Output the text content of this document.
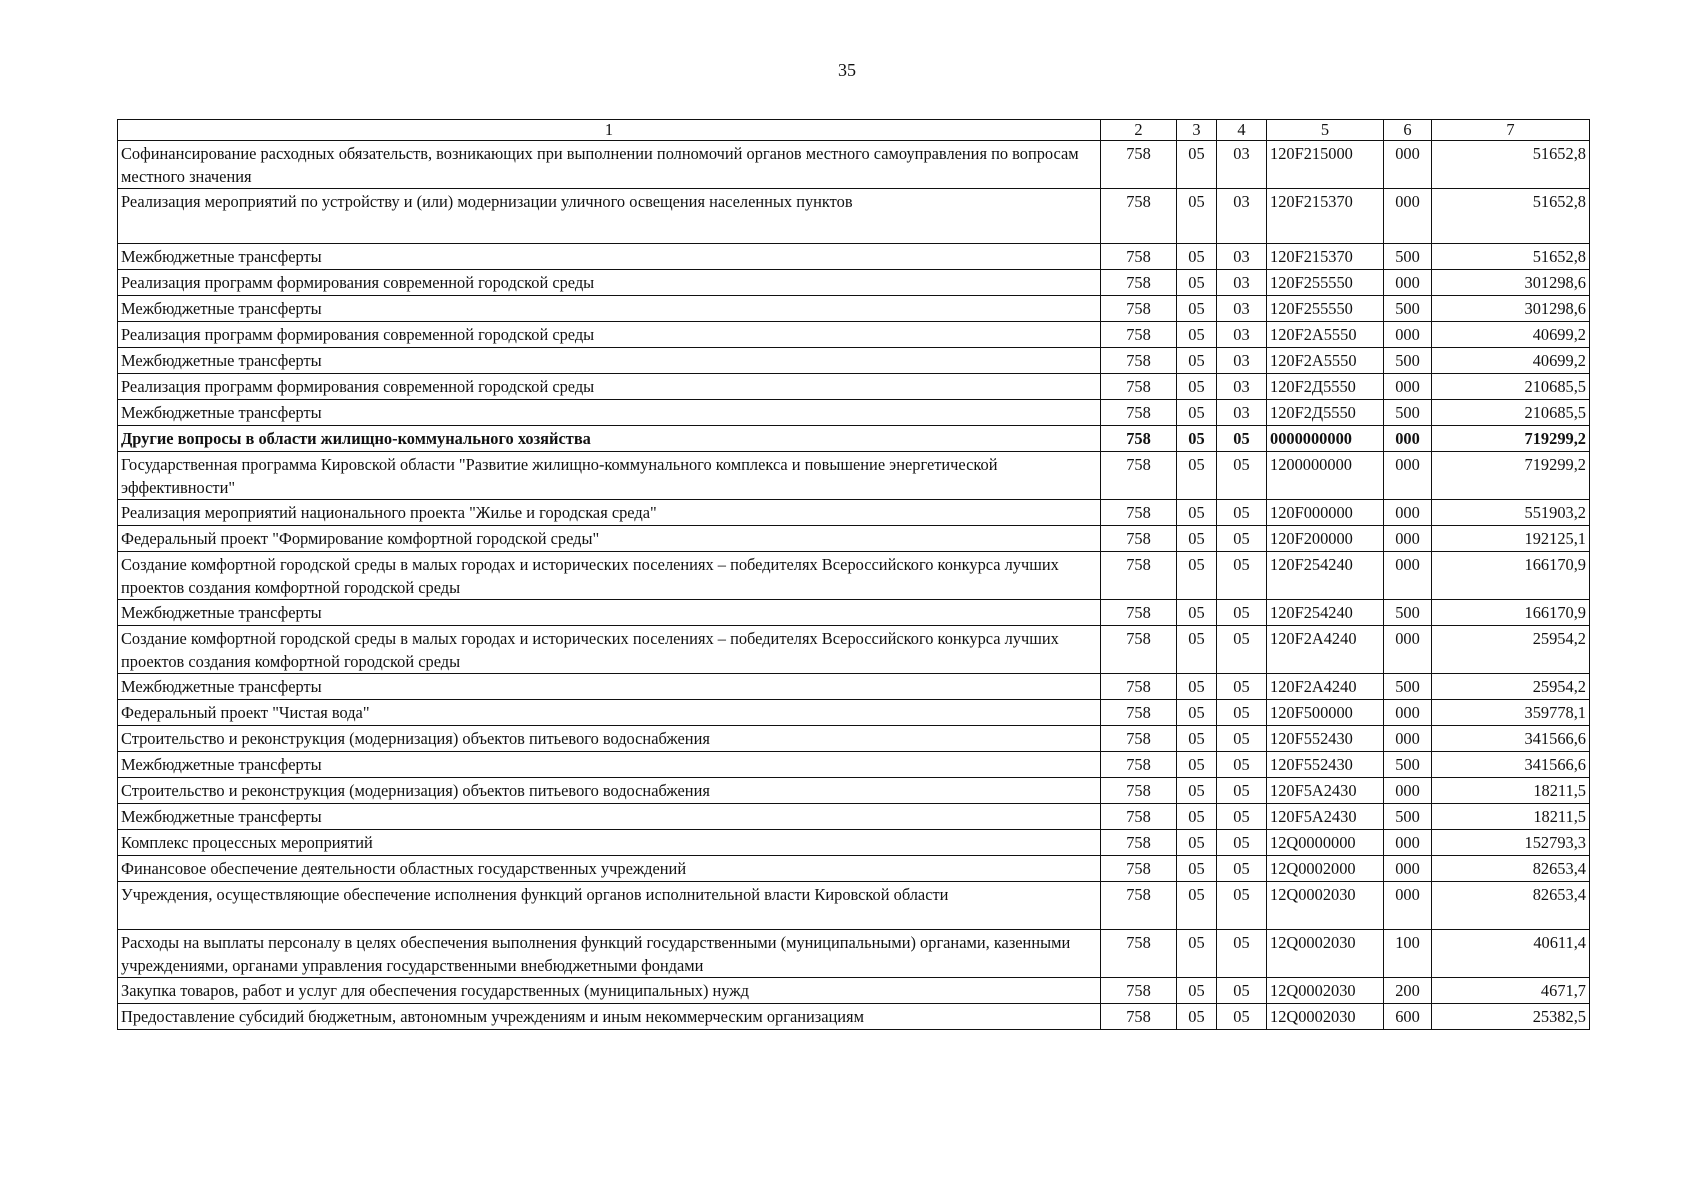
35
1	2	3	4	5	6	7
Софинансирование расходных обязательств, возникающих при выполнении полномочий органов местного самоуправления по вопросам местного значения	758	05	03	120F215000	000	51652,8
Реализация мероприятий по устройству и (или) модернизации уличного освещения населенных пунктов	758	05	03	120F215370	000	51652,8
Межбюджетные трансферты	758	05	03	120F215370	500	51652,8
Реализация программ формирования современной городской среды	758	05	03	120F255550	000	301298,6
Межбюджетные трансферты	758	05	03	120F255550	500	301298,6
Реализация программ формирования современной городской среды	758	05	03	120F2A5550	000	40699,2
Межбюджетные трансферты	758	05	03	120F2A5550	500	40699,2
Реализация программ формирования современной городской среды	758	05	03	120F2Д5550	000	210685,5
Межбюджетные трансферты	758	05	03	120F2Д5550	500	210685,5
Другие вопросы в области жилищно-коммунального хозяйства	758	05	05	0000000000	000	719299,2
Государственная программа Кировской области "Развитие жилищно-коммунального комплекса и повышение энергетической эффективности"	758	05	05	1200000000	000	719299,2
Реализация мероприятий национального проекта "Жилье и городская среда"	758	05	05	120F000000	000	551903,2
Федеральный проект "Формирование комфортной городской среды"	758	05	05	120F200000	000	192125,1
Создание комфортной городской среды в малых городах и исторических поселениях – победителях Всероссийского конкурса лучших проектов создания комфортной городской среды	758	05	05	120F254240	000	166170,9
Межбюджетные трансферты	758	05	05	120F254240	500	166170,9
Создание комфортной городской среды в малых городах и исторических поселениях – победителях Всероссийского конкурса лучших проектов создания комфортной городской среды	758	05	05	120F2A4240	000	25954,2
Межбюджетные трансферты	758	05	05	120F2A4240	500	25954,2
Федеральный проект "Чистая вода"	758	05	05	120F500000	000	359778,1
Строительство и реконструкция (модернизация) объектов питьевого водоснабжения	758	05	05	120F552430	000	341566,6
Межбюджетные трансферты	758	05	05	120F552430	500	341566,6
Строительство и реконструкция (модернизация) объектов питьевого водоснабжения	758	05	05	120F5A2430	000	18211,5
Межбюджетные трансферты	758	05	05	120F5A2430	500	18211,5
Комплекс процессных мероприятий	758	05	05	12Q0000000	000	152793,3
Финансовое обеспечение деятельности областных государственных учреждений	758	05	05	12Q0002000	000	82653,4
Учреждения, осуществляющие обеспечение исполнения функций органов исполнительной власти Кировской области	758	05	05	12Q0002030	000	82653,4
Расходы на выплаты персоналу в целях обеспечения выполнения функций государственными (муниципальными) органами, казенными учреждениями, органами управления государственными внебюджетными фондами	758	05	05	12Q0002030	100	40611,4
Закупка товаров, работ и услуг для обеспечения государственных (муниципальных) нужд	758	05	05	12Q0002030	200	4671,7
Предоставление субсидий бюджетным, автономным учреждениям и иным некоммерческим организациям	758	05	05	12Q0002030	600	25382,5
